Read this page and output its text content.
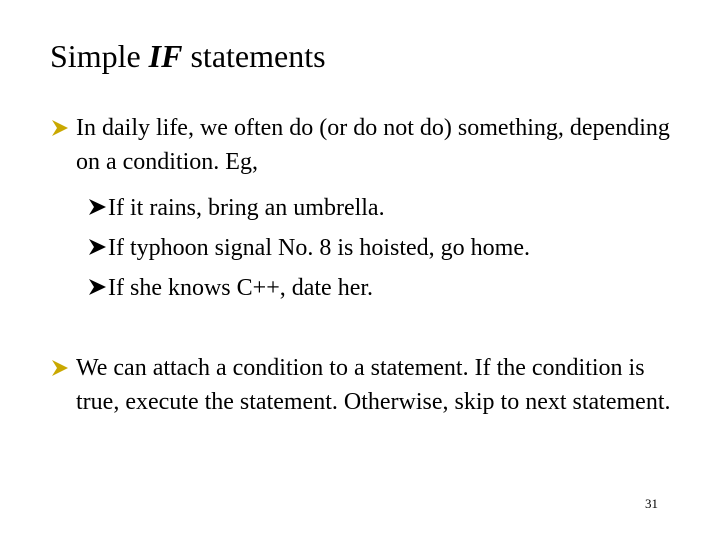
Simple IF statements
In daily life, we often do (or do not do) something, depending on a condition. Eg,
If it rains, bring an umbrella.
If typhoon signal No. 8 is hoisted, go home.
If she knows C++, date her.
We can attach a condition to a statement. If the condition is true, execute the statement. Otherwise, skip to next statement.
31
